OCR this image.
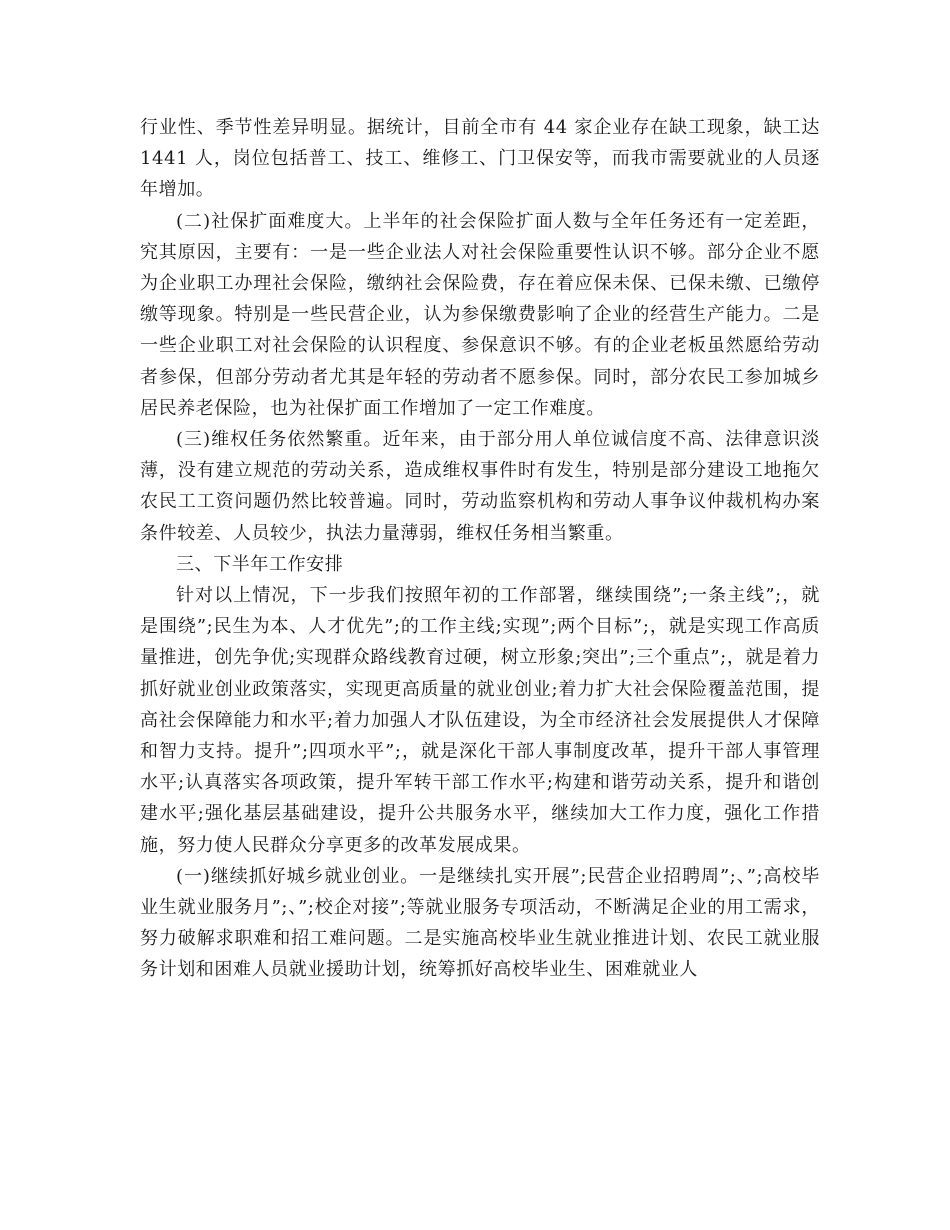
行业性、季节性差异明显。据统计，目前全市有 44 家企业存在缺工现象，缺工达 1441 人，岗位包括普工、技工、维修工、门卫保安等，而我市需要就业的人员逐年增加。

(二)社保扩面难度大。上半年的社会保险扩面人数与全年任务还有一定差距，究其原因，主要有：一是一些企业法人对社会保险重要性认识不够。部分企业不愿为企业职工办理社会保险，缴纳社会保险费，存在着应保未保、已保未缴、已缴停缴等现象。特别是一些民营企业，认为参保缴费影响了企业的经营生产能力。二是一些企业职工对社会保险的认识程度、参保意识不够。有的企业老板虽然愿给劳动者参保，但部分劳动者尤其是年轻的劳动者不愿参保。同时，部分农民工参加城乡居民养老保险，也为社保扩面工作增加了一定工作难度。

(三)维权任务依然繁重。近年来，由于部分用人单位诚信度不高、法律意识淡薄，没有建立规范的劳动关系，造成维权事件时有发生，特别是部分建设工地拖欠农民工工资问题仍然比较普遍。同时，劳动监察机构和劳动人事争议仲裁机构办案条件较差、人员较少，执法力量薄弱，维权任务相当繁重。

三、下半年工作安排

针对以上情况，下一步我们按照年初的工作部署，继续围绕”;一条主线”;，就是围绕”;民生为本、人才优先”;的工作主线;实现”;两个目标”;，就是实现工作高质量推进，创先争优;实现群众路线教育过硬，树立形象;突出”;三个重点”;，就是着力抓好就业创业政策落实，实现更高质量的就业创业;着力扩大社会保险覆盖范围，提高社会保障能力和水平;着力加强人才队伍建设，为全市经济社会发展提供人才保障和智力支持。提升”;四项水平”;，就是深化干部人事制度改革，提升干部人事管理水平;认真落实各项政策，提升军转干部工作水平;构建和谐劳动关系，提升和谐创建水平;强化基层基础建设，提升公共服务水平，继续加大工作力度，强化工作措施，努力使人民群众分享更多的改革发展成果。

(一)继续抓好城乡就业创业。一是继续扎实开展”;民营企业招聘周”;、”;高校毕业生就业服务月”;、”;校企对接”;等就业服务专项活动，不断满足企业的用工需求，努力破解求职难和招工难问题。二是实施高校毕业生就业推进计划、农民工就业服务计划和困难人员就业援助计划，统筹抓好高校毕业生、困难就业人
